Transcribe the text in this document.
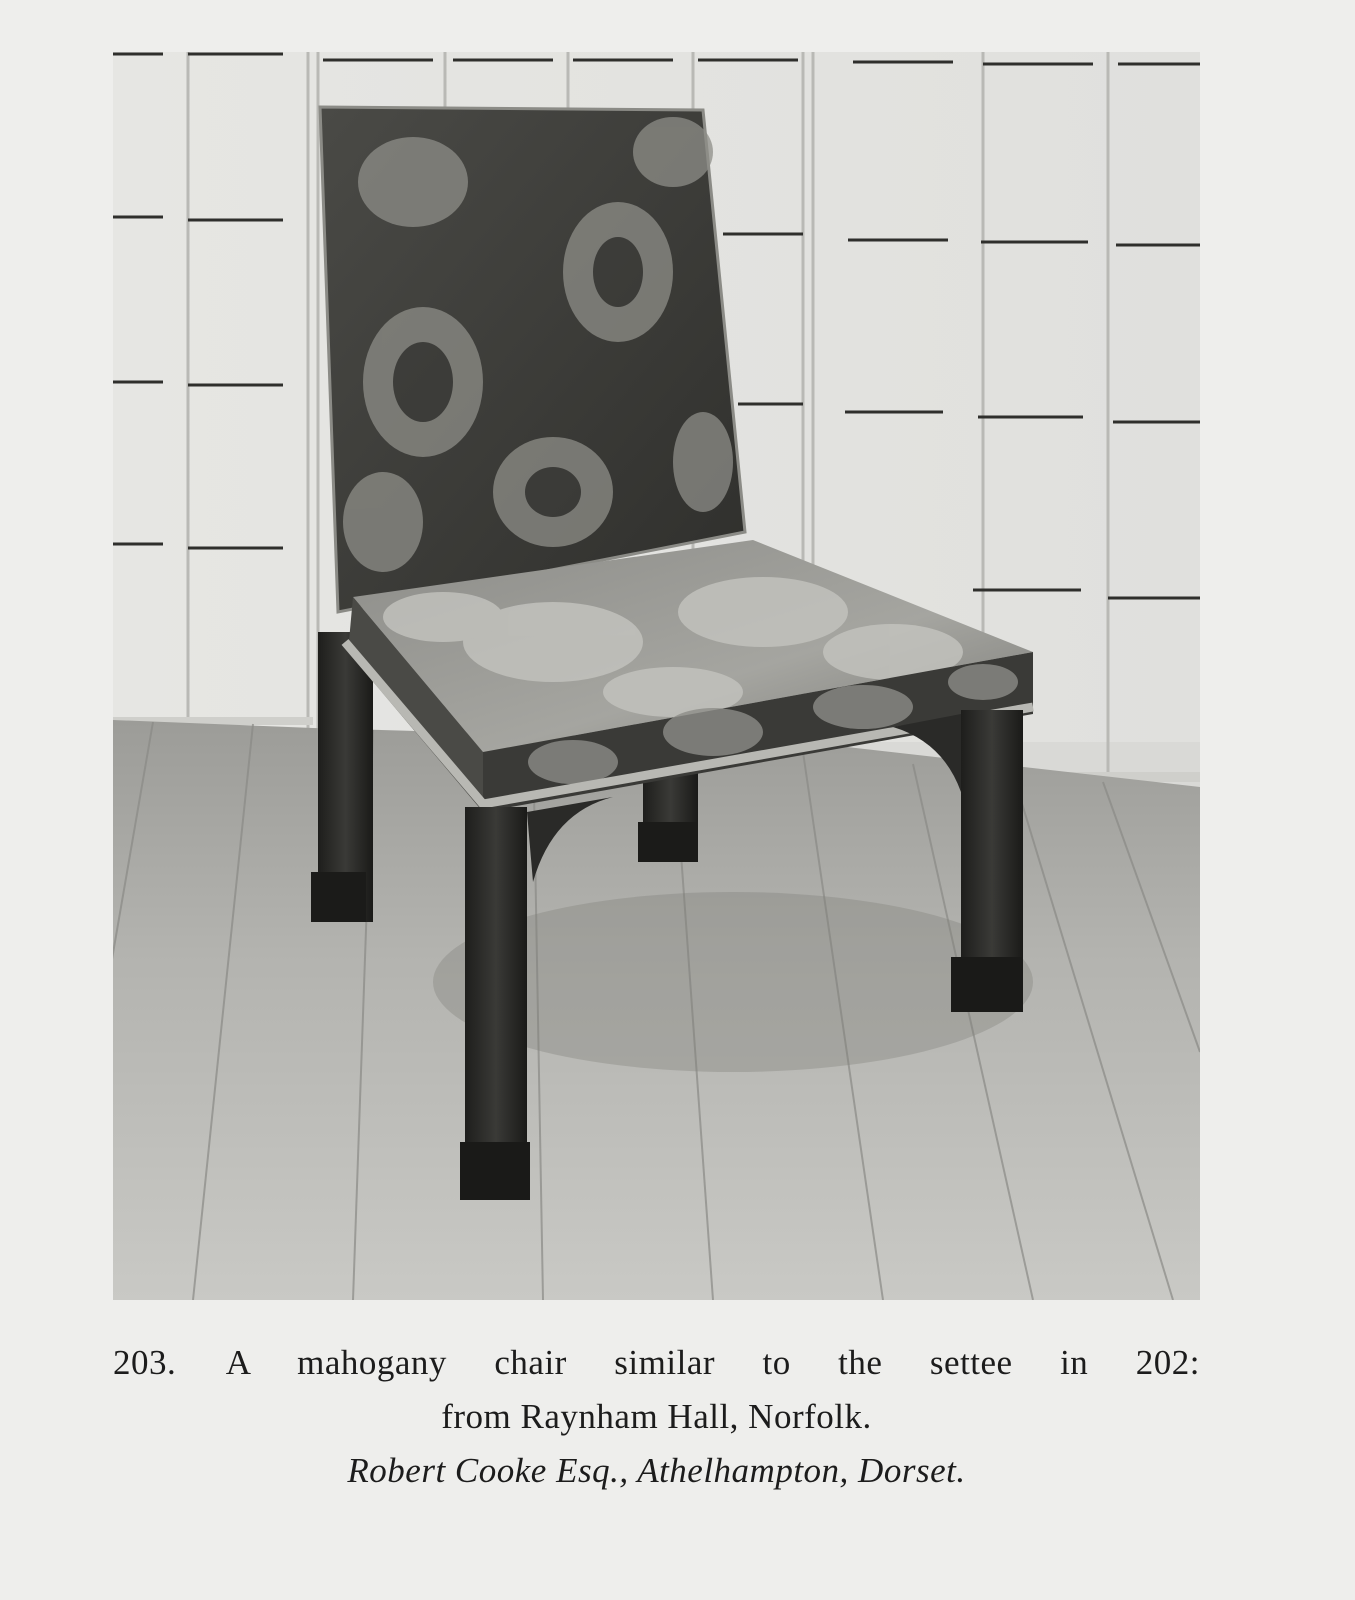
203. A mahogany chair similar to the settee in 202:
from Raynham Hall, Norfolk.
Robert Cooke Esq., Athelhampton, Dorset.
